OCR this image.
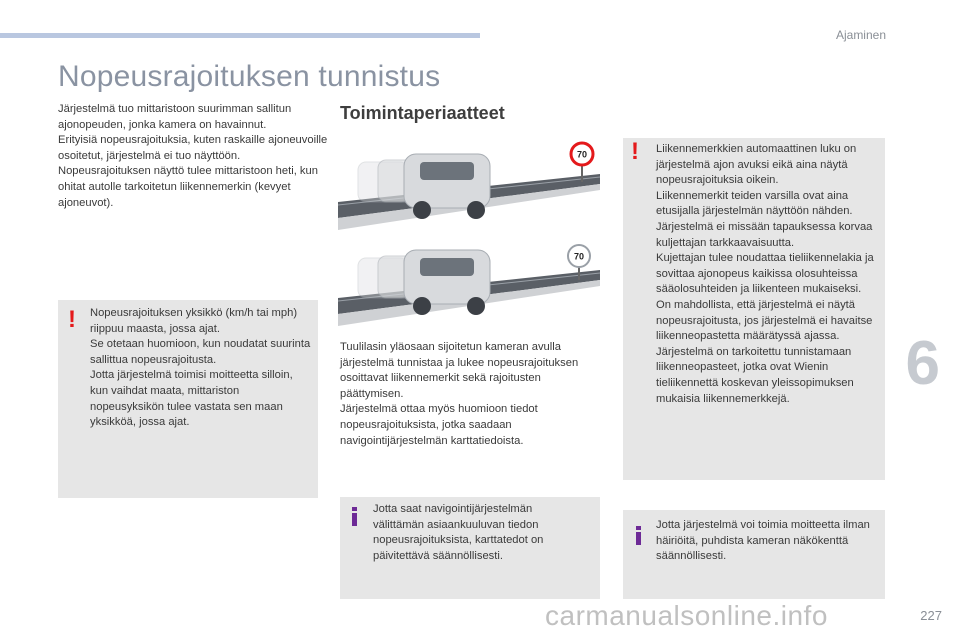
Ajaminen
Nopeusrajoituksen tunnistus

Järjestelmä tuo mittaristoon suurimman sallitun ajonopeuden, jonka kamera on havainnut.

Erityisiä nopeusrajoituksia, kuten raskaille ajoneuvoille osoitetut, järjestelmä ei tuo näyttöön.

Nopeusrajoituksen näyttö tulee mittaristoon heti, kun ohitat autolle tarkoitetun liikennemerkin (kevyet ajoneuvot).

! Nopeusrajoituksen yksikkö (km/h tai mph) riippuu maasta, jossa ajat.

Se otetaan huomioon, kun noudatat suurinta sallittua nopeusrajoitusta.

Jotta järjestelmä toimisi moitteetta silloin, kun vaihdat maata, mittariston nopeusyksikön tulee vastata sen maan yksikköä, jossa ajat.

Toimintaperiaatteet
70
70

Tuulilasin yläosaan sijoitetun kameran avulla järjestelmä tunnistaa ja lukee nopeusrajoituksen osoittavat liikennemerkit sekä rajoitusten päättymisen.

Järjestelmä ottaa myös huomioon tiedot nopeusrajoituksista, jotka saadaan navigointijärjestelmän karttatiedoista.

Jotta saat navigointijärjestelmän välittämän asiaankuuluvan tiedon nopeusrajoituksista, karttatedot on päivitettävä säännöllisesti.
! Liikennemerkkien automaattinen luku on järjestelmä ajon avuksi eikä aina näytä nopeusrajoituksia oikein.

Liikennemerkit teiden varsilla ovat aina etusijalla järjestelmän näyttöön nähden.

Järjestelmä ei missään tapauksessa korvaa kuljettajan tarkkaavaisuutta.

Kujettajan tulee noudattaa tieliikennelakia ja sovittaa ajonopeus kaikissa olosuhteissa sääolosuhteiden ja liikenteen mukaiseksi.

On mahdollista, että järjestelmä ei näytä nopeusrajoitusta, jos järjestelmä ei havaitse liikenneopastetta määrätyssä ajassa.

Järjestelmä on tarkoitettu tunnistamaan liikenneopasteet, jotka ovat Wienin tieliikennettä koskevan yleissopimuksen mukaisia liikennemerkkejä.

Jotta järjestelmä voi toimia moitteetta ilman häiriöitä, puhdista kameran näkökenttä säännöllisesti.
6
227
carmanualsonline.info
